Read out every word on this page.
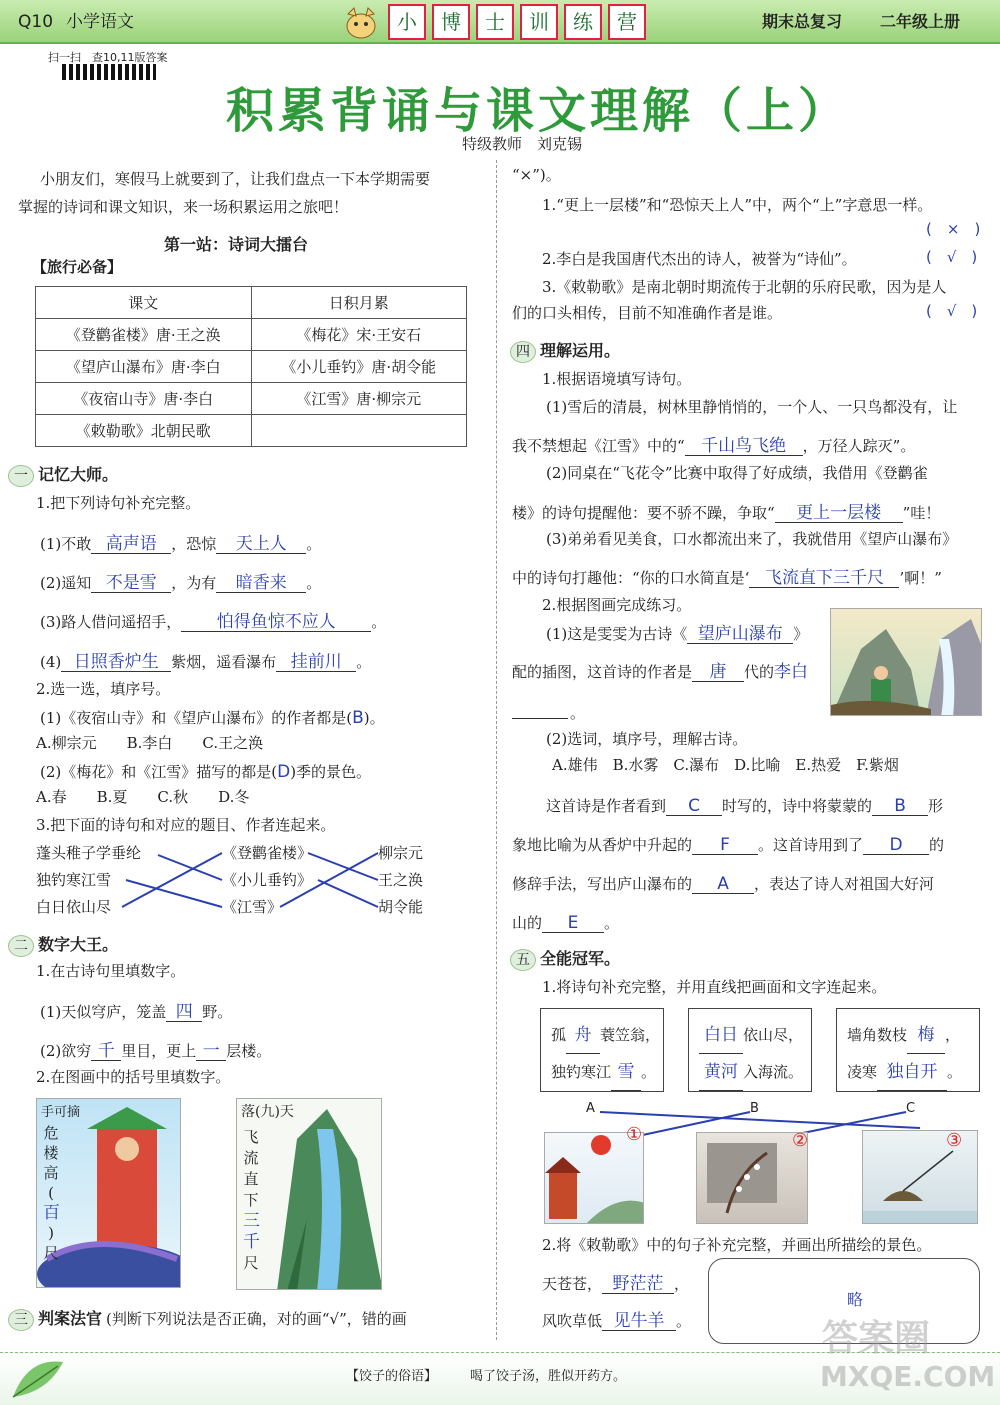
Q10 小学语文	小	博	士	训	练	营	期末总复习 二年级上册
扫一扫　查10,11版答案
积累背诵与课文理解（上）
特级教师　刘克锡
小朋友们，寒假马上就要到了，让我们盘点一下本学期需要
掌握的诗词和课文知识，来一场积累运用之旅吧！
第一站：诗词大擂台
【旅行必备】
课文	日积月累
《登鹳雀楼》唐·王之涣	《梅花》宋·王安石
《望庐山瀑布》唐·李白	《小儿垂钓》唐·胡令能
《夜宿山寺》唐·李白	《江雪》唐·柳宗元
《敕勒歌》北朝民歌	
一 记忆大师。
1.把下列诗句补充完整。
(1)不敢 高声语 ，恐惊 天上人 。
(2)遥知 不是雪 ，为有 暗香来 。
(3)路人借问遥招手， 怕得鱼惊不应人 。
(4) 日照香炉生 紫烟，遥看瀑布 挂前川 。
2.选一选，填序号。
(1)《夜宿山寺》和《望庐山瀑布》的作者都是(B)。
A.柳宗元　　B.李白　　C.王之涣
(2)《梅花》和《江雪》描写的都是(D)季的景色。
A.春　　B.夏　　C.秋　　D.冬
3.把下面的诗句和对应的题目、作者连起来。
蓬头稚子学垂纶
独钓寒江雪
白日依山尽
《登鹳雀楼》
《小儿垂钓》
《江雪》
柳宗元
王之涣
胡令能
二 数字大王。
1.在古诗句里填数字。
(1)天似穹庐，笼盖 四 野。
(2)欲穷 千 里目，更上 一 层楼。
2.在图画中的括号里填数字。
手可摘
危
楼
高
(
百
)
尺
落(九)天
飞
流
直
下
三
千
尺
三 判案法官 (判断下列说法是否正确，对的画“√”，错的画
“×”)。
1.“更上一层楼”和“恐惊天上人”中，两个“上”字意思一样。
(　×　)
2.李白是我国唐代杰出的诗人，被誉为“诗仙”。	(　√　)
3.《敕勒歌》是南北朝时期流传于北朝的乐府民歌，因为是人
们的口头相传，目前不知准确作者是谁。	(　√　)
四 理解运用。
1.根据语境填写诗句。
(1)雪后的清晨，树林里静悄悄的，一个人、一只鸟都没有，让
我不禁想起《江雪》中的“ 千山鸟飞绝 ，万径人踪灭”。
(2)同桌在“飞花令”比赛中取得了好成绩，我借用《登鹳雀
楼》的诗句提醒他：要不骄不躁，争取“ 更上一层楼 ”哇！
(3)弟弟看见美食，口水都流出来了，我就借用《望庐山瀑布》
中的诗句打趣他：“你的口水简直是‘ 飞流直下三千尺 ’啊！”
2.根据图画完成练习。
(1)这是雯雯为古诗《 望庐山瀑布 》
配的插图，这首诗的作者是 唐 代的李白
。
(2)选词，填序号，理解古诗。
A.雄伟　B.水雾　C.瀑布　D.比喻　E.热爱　F.紫烟
这首诗是作者看到 C 时写的，诗中将蒙蒙的 B 形
象地比喻为从香炉中升起的 F 。这首诗用到了 D 的
修辞手法，写出庐山瀑布的 A ，表达了诗人对祖国大好河
山的 E 。
五 全能冠军。
1.将诗句补充完整，并用直线把画面和文字连起来。
孤 舟 蓑笠翁，
独钓寒江 雪 。
白日 依山尽，
黄河 入海流。
墙角数枝 梅 ，
凌寒 独自开 。
A	B	C
①	②	③
2.将《敕勒歌》中的句子补充完整，并画出所描绘的景色。
天苍苍， 野茫茫 ，
风吹草低 见牛羊 。
略
【饺子的俗语】	喝了饺子汤，胜似开药方。
答案圈
MXQE.COM
